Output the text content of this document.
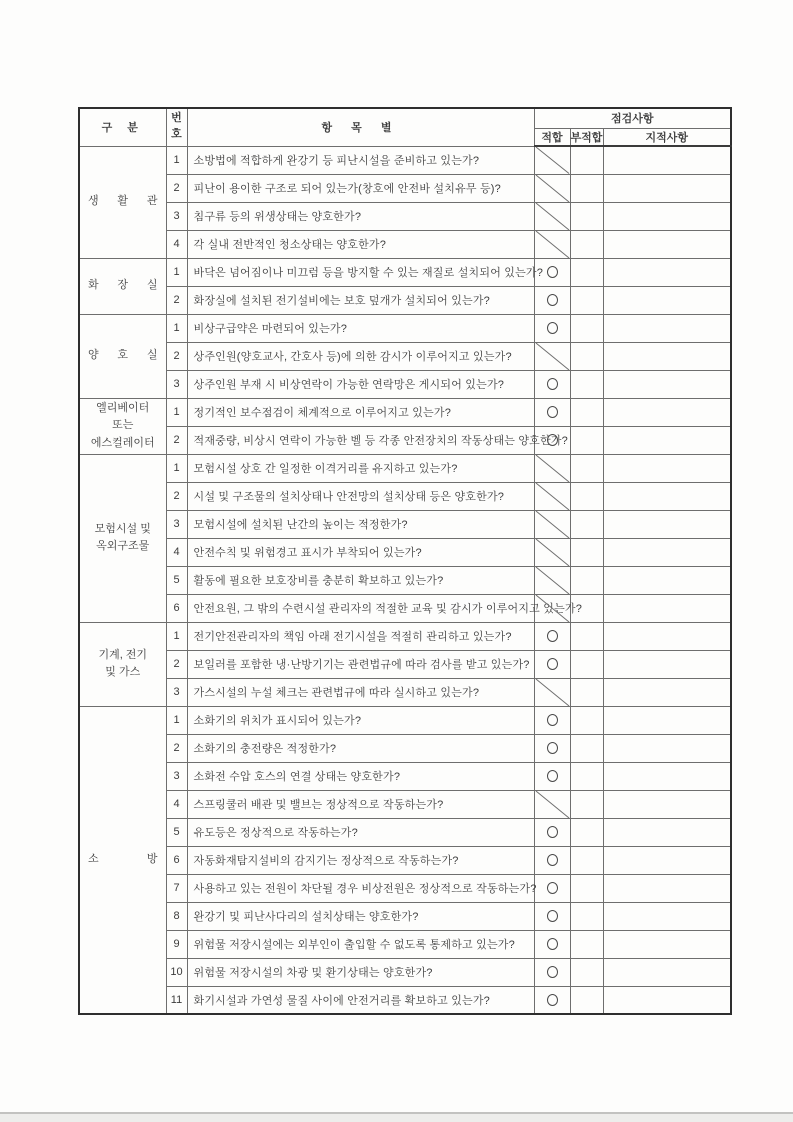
구 분	번
호	항 목 별	점검사항		
			적합	부적합	지적사항

생 활 관	1	소방법에 적합하게 완강기 등 피난시설을 준비하고 있는가?	

	2	피난이 용이한 구조로 되어 있는가(창호에 안전바 설치유무 등)?	

	3	침구류 등의 위생상태는 양호한가?	

	4	각 실내 전반적인 청소상태는 양호한가?	

화 장 실	1	바닥은 넘어짐이나 미끄럼 등을 방지할 수 있는 재질로 설치되어 있는가?			
	2	화장실에 설치된 전기설비에는 보호 덮개가 설치되어 있는가?			

양 호 실	1	비상구급약은 마련되어 있는가?			
	2	상주인원(양호교사, 간호사 등)에 의한 감시가 이루어지고 있는가?	

	3	상주인원 부재 시 비상연락이 가능한 연락망은 게시되어 있는가?			

엘리베이터
또는
에스컬레이터	1	정기적인 보수점검이 체계적으로 이루어지고 있는가?			
	2	적재중량, 비상시 연락이 가능한 벨 등 각종 안전장치의 작동상태는 양호한가?			

모험시설 및
옥외구조물	1	모험시설 상호 간 일정한 이격거리를 유지하고 있는가?	

	2	시설 및 구조물의 설치상태나 안전망의 설치상태 등은 양호한가?	

	3	모험시설에 설치된 난간의 높이는 적정한가?	

	4	안전수칙 및 위험경고 표시가 부착되어 있는가?	

	5	활동에 필요한 보호장비를 충분히 확보하고 있는가?	

	6	안전요원, 그 밖의 수련시설 관리자의 적절한 교육 및 감시가 이루어지고 있는가?	

기계, 전기
및 가스	1	전기안전관리자의 책임 아래 전기시설을 적절히 관리하고 있는가?			
	2	보일러를 포함한 냉·난방기기는 관련법규에 따라 검사를 받고 있는가?			
	3	가스시설의 누설 체크는 관련법규에 따라 실시하고 있는가?	

소 방	1	소화기의 위치가 표시되어 있는가?			
	2	소화기의 충전량은 적정한가?			
	3	소화전 수압 호스의 연결 상태는 양호한가?			
	4	스프링쿨러 배관 및 밸브는 정상적으로 작동하는가?	

	5	유도등은 정상적으로 작동하는가?			
	6	자동화재탐지설비의 감지기는 정상적으로 작동하는가?			
	7	사용하고 있는 전원이 차단될 경우 비상전원은 정상적으로 작동하는가?			
	8	완강기 및 피난사다리의 설치상태는 양호한가?			
	9	위험물 저장시설에는 외부인이 출입할 수 없도록 통제하고 있는가?			
	10	위험물 저장시설의 차광 및 환기상태는 양호한가?			
	11	화기시설과 가연성 물질 사이에 안전거리를 확보하고 있는가?			
